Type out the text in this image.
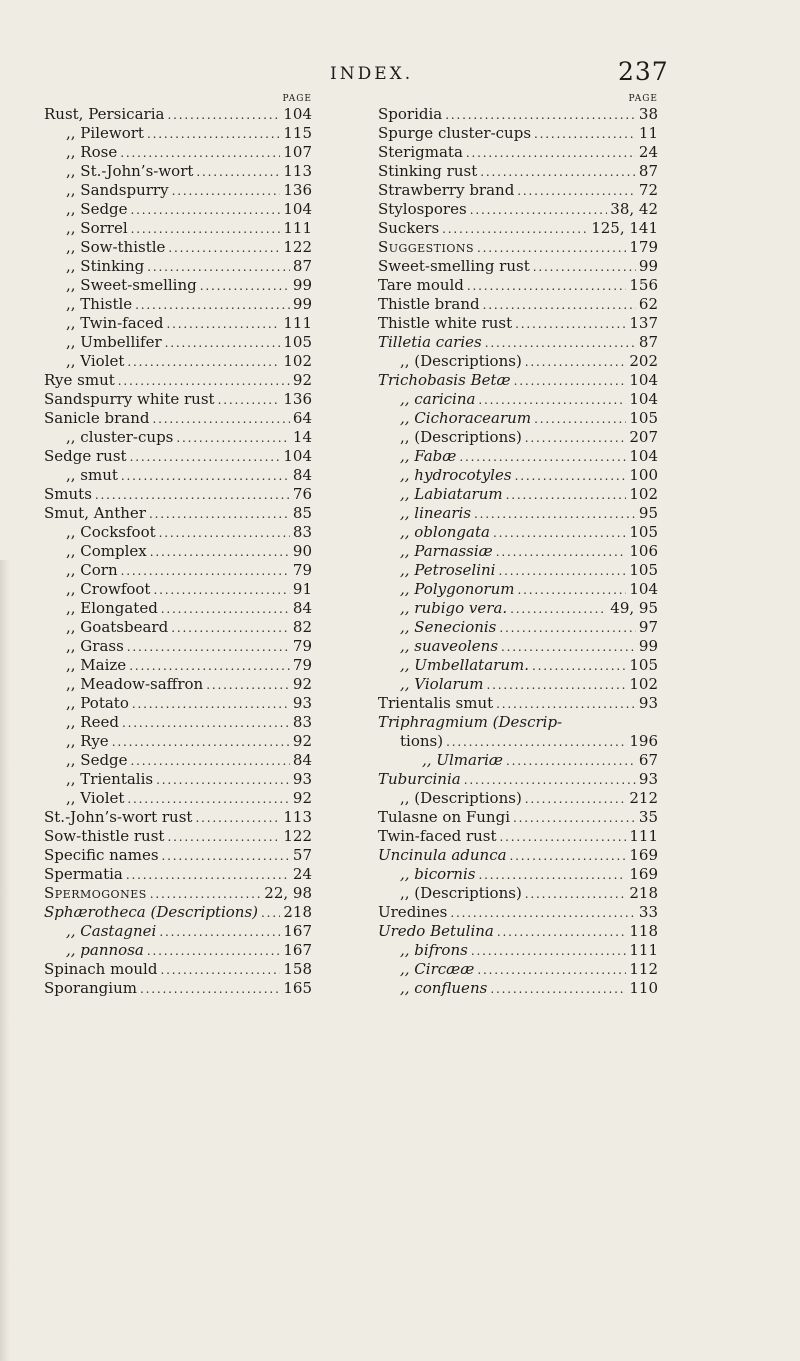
INDEX.	237
PAGE
Rust, Persicaria . . .	104
,, Pilewort . . .	115
,, Rose . . .	107
,, St.-John’s-wort . . .	113
,, Sandspurry . . .	136
,, Sedge . . .	104
,, Sorrel . . .	111
,, Sow-thistle . . .	122
,, Stinking . . .	87
,, Sweet-smelling . . .	99
,, Thistle . . .	99
,, Twin-faced . . .	111
,, Umbellifer . . .	105
,, Violet . . .	102
Rye smut . . .	92
Sandspurry white rust . . .	136
Sanicle brand . . .	64
,, cluster-cups . . .	14
Sedge rust . . .	104
,, smut . . .	84
Smuts . . .	76
Smut, Anther . . .	85
,, Cocksfoot . . .	83
,, Complex . . .	90
,, Corn . . .	79
,, Crowfoot . . .	91
,, Elongated . . .	84
,, Goatsbeard . . .	82
,, Grass . . .	79
,, Maize . . .	79
,, Meadow-saffron . . .	92
,, Potato . . .	93
,, Reed . . .	83
,, Rye . . .	92
,, Sedge . . .	84
,, Trientalis . . .	93
,, Violet . . .	92
St.-John’s-wort rust . . .	113
Sow-thistle rust . . .	122
Specific names . . .	57
Spermatia . . .	24
Spermogones . . .	22, 98
Sphærotheca (Descriptions) . . . 218
,, Castagnei . . .	167
,, pannosa . . .	167
Spinach mould . . .	158
Sporangium . . .	165
PAGE
Sporidia . . .	38
Spurge cluster-cups . . .	11
Sterigmata . . .	24
Stinking rust . . .	87
Strawberry brand . . .	72
Stylospores . . .	38, 42
Suckers . . .	125, 141
Suggestions . . .	179
Sweet-smelling rust . . .	99
Tare mould . . .	156
Thistle brand . . .	62
Thistle white rust . . .	137
Tilletia caries . . .	87
,, (Descriptions) . . .	202
Trichobasis Betæ . . .	104
,, caricina . . .	104
,, Cichoracearum . . .	105
,, (Descriptions) . . .	207
,, Fabæ . . .	104
,, hydrocotyles . . .	100
,, Labiatarum . . .	102
,, linearis . . .	95
,, oblongata . . .	105
,, Parnassiæ . . .	106
,, Petroselini . . .	105
,, Polygonorum . . .	104
,, rubigo vera. . . .	49, 95
,, Senecionis . . .	97
,, suaveolens . . .	99
,, Umbellatarum. . . .	105
,, Violarum . . .	102
Trientalis smut . . .	93
Triphragmium (Descrip-
tions) . . .	196
,, Ulmariæ . . .	67
Tuburcinia . . .	93
,, (Descriptions) . . .	212
Tulasne on Fungi . . .	35
Twin-faced rust . . .	111
Uncinula adunca . . .	169
,, bicornis . . .	169
,, (Descriptions) . . .	218
Uredines . . .	33
Uredo Betulina . . .	118
,, bifrons . . .	111
,, Circææ . . .	112
,, confluens . . .	110
